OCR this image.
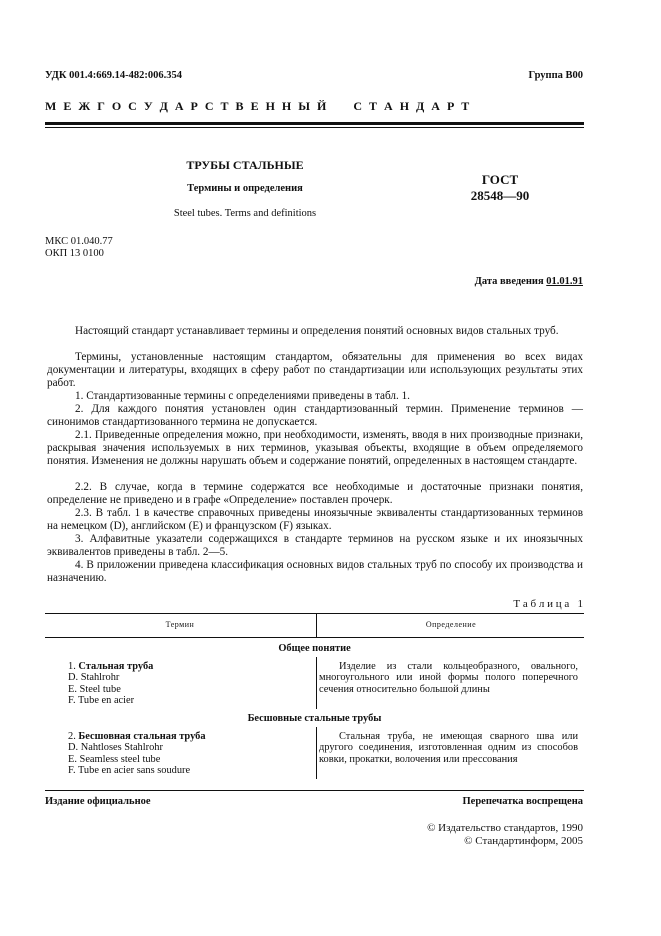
УДК 001.4:669.14-482:006.354	Группа В00
М Е Ж Г О С У Д А Р С Т В Е Н Н Ы Й     С Т А Н Д А Р Т
ТРУБЫ СТАЛЬНЫЕ
Термины и определения
Steel tubes. Terms and definitions
ГОСТ
28548—90
МКС 01.040.77
ОКП 13 0100
Дата введения 01.01.91
Настоящий стандарт устанавливает термины и определения понятий основных видов стальных труб.
Термины, установленные настоящим стандартом, обязательны для применения во всех видах документации и литературы, входящих в сферу работ по стандартизации или использующих результаты этих работ.
1. Стандартизованные термины с определениями приведены в табл. 1.
2. Для каждого понятия установлен один стандартизованный термин. Применение терминов — синонимов стандартизованного термина не допускается.
2.1. Приведенные определения можно, при необходимости, изменять, вводя в них производные признаки, раскрывая значения используемых в них терминов, указывая объекты, входящие в объем определяемого понятия. Изменения не должны нарушать объем и содержание понятий, определенных в настоящем стандарте.
2.2. В случае, когда в термине содержатся все необходимые и достаточные признаки понятия, определение не приведено и в графе «Определение» поставлен прочерк.
2.3. В табл. 1 в качестве справочных приведены иноязычные эквиваленты стандартизованных терминов на немецком (D), английском (E) и французском (F) языках.
3. Алфавитные указатели содержащихся в стандарте терминов на русском языке и их иноязычных эквивалентов приведены в табл. 2—5.
4. В приложении приведена классификация основных видов стальных труб по способу их производства и назначению.
Т а б л и ц а   1
Термин	Определение
Общее понятие
1. Стальная труба
D. Stahlrohr
E. Steel tube
F. Tube en acier
Изделие из стали кольцеобразного, овального, многоугольного или иной формы полого поперечного сечения относительно большой длины
Бесшовные стальные трубы
2. Бесшовная стальная труба
D. Nahtloses Stahlrohr
E. Seamless steel tube
F. Tube en acier sans soudure
Стальная труба, не имеющая сварного шва или другого соединения, изготовленная одним из способов ковки, прокатки, волочения или прессования
Издание официальное	Перепечатка воспрещена
© Издательство стандартов, 1990
© Стандартинформ, 2005
